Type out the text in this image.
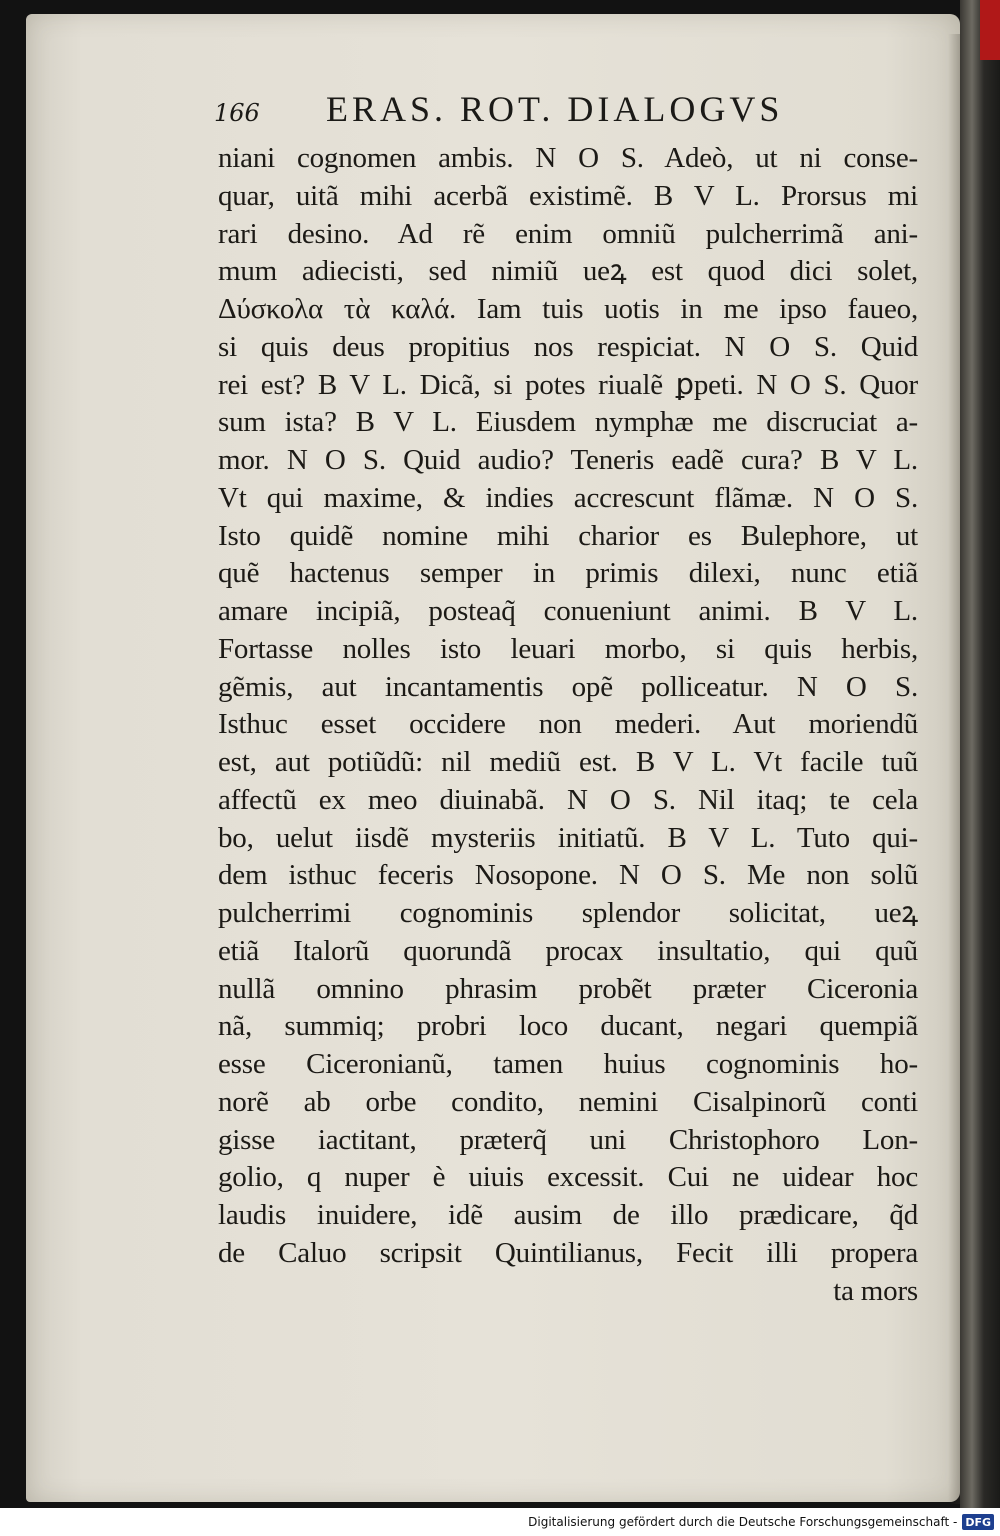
166	ERAS. ROT. DIALOGVS
niani cognomen ambis. N O S. Adeò, ut ni conse-
quar, uitã mihi acerbã existimẽ. B V L. Prorsus mi
rari desino. Ad rẽ enim omniũ pulcherrimã ani-
mum adiecisti, sed nimiũ ueꝝ est quod dici solet,
Δύσκολα τὰ καλά. Iam tuis uotis in me ipso faueo,
si quis deus propitius nos respiciat. N O S. Quid
rei est? B V L. Dicã, si potes riualẽ ꝑpeti. N O S. Quor
sum ista? B V L. Eiusdem nymphæ me discruciat a-
mor. N O S. Quid audio? Teneris eadẽ cura? B V L.
Vt qui maxime, & indies accrescunt flãmæ. N O S.
Isto quidẽ nomine mihi charior es Bulephore, ut
quẽ hactenus semper in primis dilexi, nunc etiã
amare incipiã, posteaq̃ conueniunt animi. B V L.
Fortasse nolles isto leuari morbo, si quis herbis,
gẽmis, aut incantamentis opẽ polliceatur. N O S.
Isthuc esset occidere non mederi. Aut moriendũ
est, aut potiũdũ: nil mediũ est. B V L. Vt facile tuũ
affectũ ex meo diuinabã. N O S. Nil itaq; te cela
bo, uelut iisdẽ mysteriis initiatũ. B V L. Tuto qui-
dem isthuc feceris Nosopone. N O S. Me non solũ
pulcherrimi cognominis splendor solicitat, ueꝝ
etiã Italorũ quorundã procax insultatio, qui quũ
nullã omnino phrasim probẽt præter Ciceronia
nã, summiq; probri loco ducant, negari quempiã
esse Ciceronianũ, tamen huius cognominis ho-
norẽ ab orbe condito, nemini Cisalpinorũ conti
gisse iactitant, præterq̃ uni Christophoro Lon-
golio, q nuper è uiuis excessit. Cui ne uidear hoc
laudis inuidere, idẽ ausim de illo prædicare, q̃d
de Caluo scripsit Quintilianus, Fecit illi propera
ta mors
Digitalisierung gefördert durch die Deutsche Forschungsgemeinschaft - DFG
